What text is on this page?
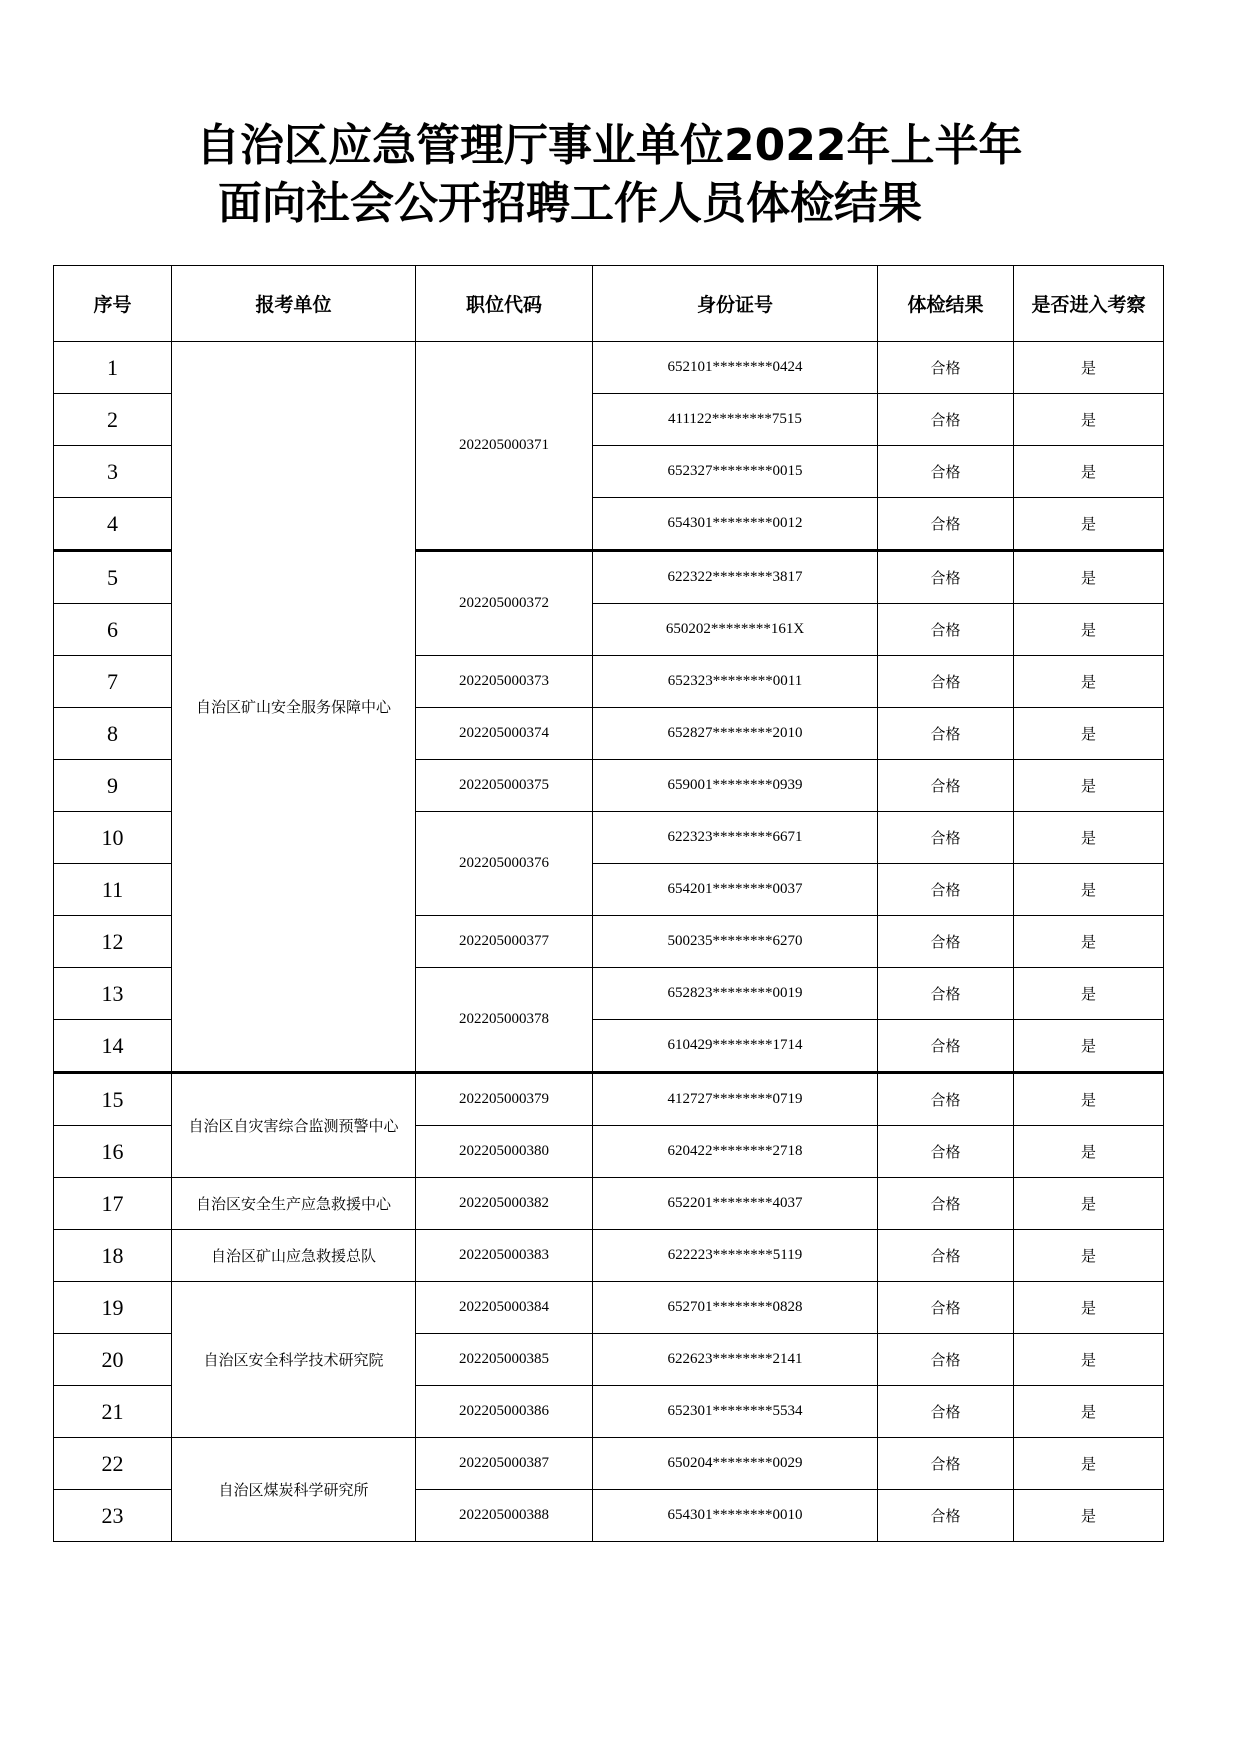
自治区应急管理厅事业单位2022年上半年
面向社会公开招聘工作人员体检结果
序号	报考单位	职位代码	身份证号	体检结果	是否进入考察
1	自治区矿山安全服务保障中心	202205000371	652101********0424	合格	是
2			411122********7515	合格	是
3			652327********0015	合格	是
4			654301********0012	合格	是
5		202205000372	622322********3817	合格	是
6			650202********161X	合格	是
7		202205000373	652323********0011	合格	是
8		202205000374	652827********2010	合格	是
9		202205000375	659001********0939	合格	是
10		202205000376	622323********6671	合格	是
11			654201********0037	合格	是
12		202205000377	500235********6270	合格	是
13		202205000378	652823********0019	合格	是
14			610429********1714	合格	是
15	自治区自灾害综合监测预警中心	202205000379	412727********0719	合格	是
16		202205000380	620422********2718	合格	是
17	自治区安全生产应急救援中心	202205000382	652201********4037	合格	是
18	自治区矿山应急救援总队	202205000383	622223********5119	合格	是
19	自治区安全科学技术研究院	202205000384	652701********0828	合格	是
20		202205000385	622623********2141	合格	是
21		202205000386	652301********5534	合格	是
22	自治区煤炭科学研究所	202205000387	650204********0029	合格	是
23		202205000388	654301********0010	合格	是
